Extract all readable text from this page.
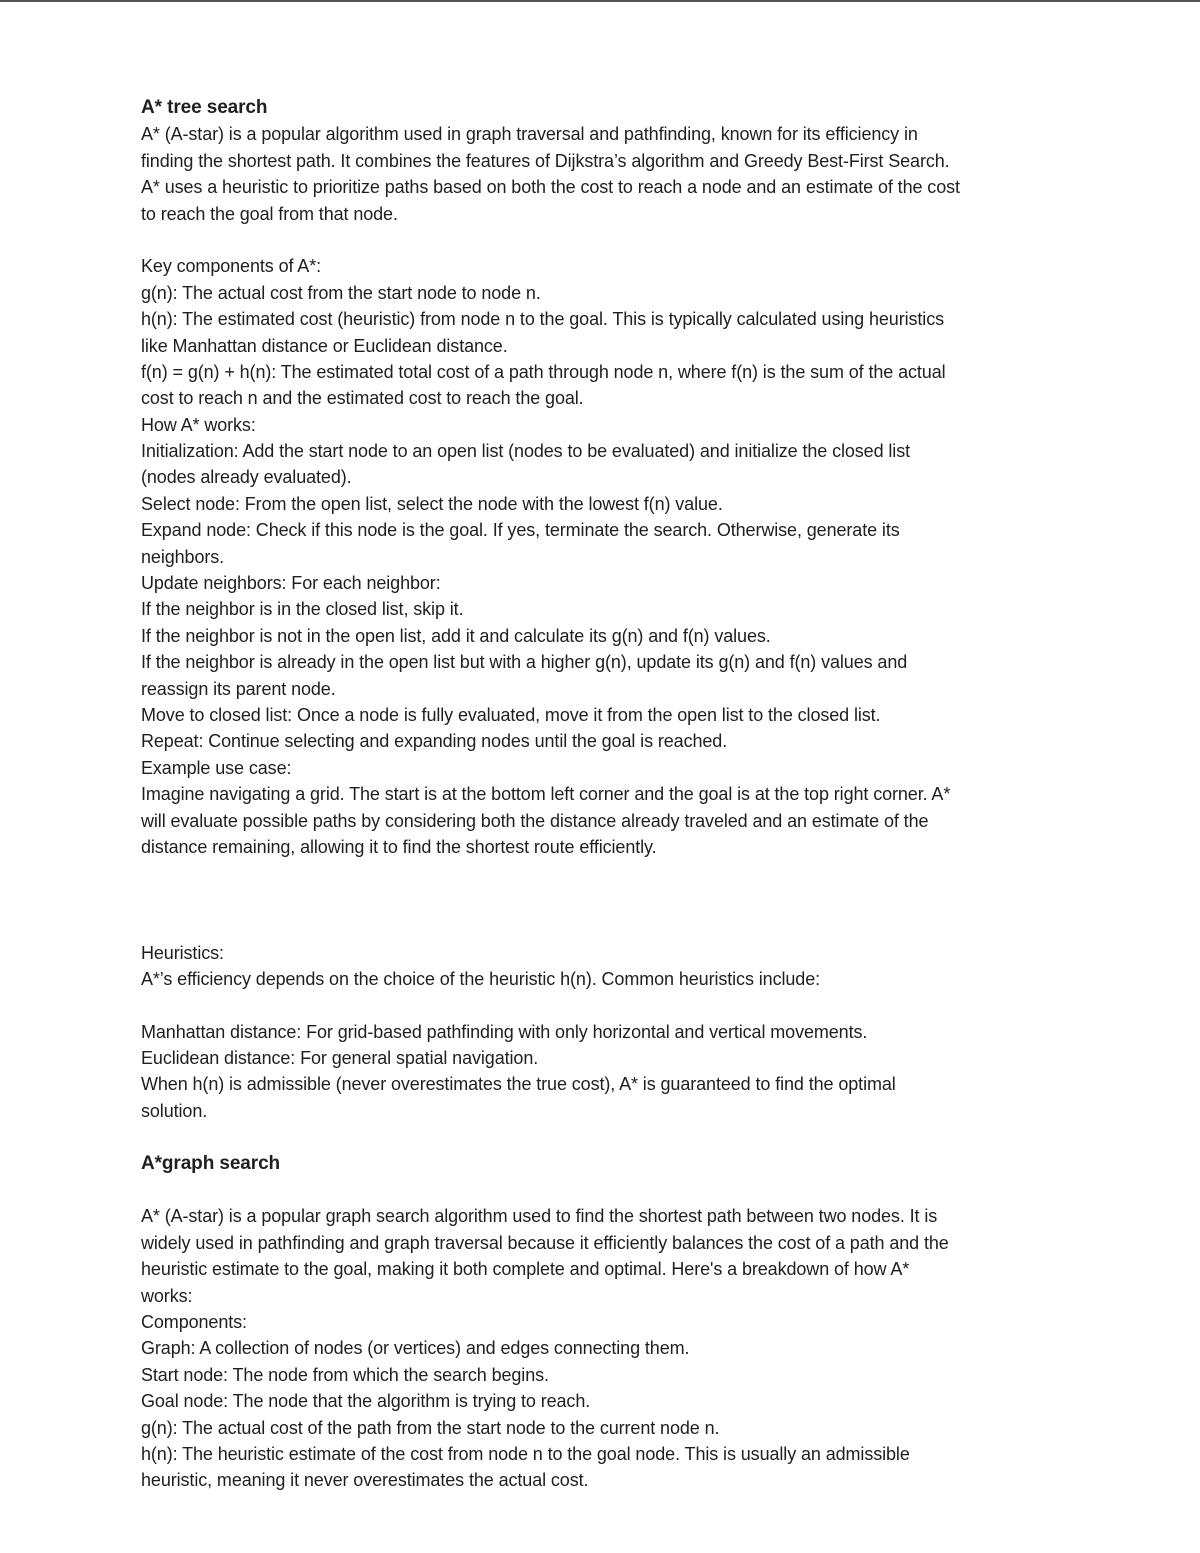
A* tree search
A* (A-star) is a popular algorithm used in graph traversal and pathfinding, known for its efficiency in
finding the shortest path. It combines the features of Dijkstra’s algorithm and Greedy Best-First Search.
A* uses a heuristic to prioritize paths based on both the cost to reach a node and an estimate of the cost
to reach the goal from that node.
Key components of A*:
g(n): The actual cost from the start node to node n.
h(n): The estimated cost (heuristic) from node n to the goal. This is typically calculated using heuristics
like Manhattan distance or Euclidean distance.
f(n) = g(n) + h(n): The estimated total cost of a path through node n, where f(n) is the sum of the actual
cost to reach n and the estimated cost to reach the goal.
How A* works:
Initialization: Add the start node to an open list (nodes to be evaluated) and initialize the closed list
(nodes already evaluated).
Select node: From the open list, select the node with the lowest f(n) value.
Expand node: Check if this node is the goal. If yes, terminate the search. Otherwise, generate its
neighbors.
Update neighbors: For each neighbor:
If the neighbor is in the closed list, skip it.
If the neighbor is not in the open list, add it and calculate its g(n) and f(n) values.
If the neighbor is already in the open list but with a higher g(n), update its g(n) and f(n) values and
reassign its parent node.
Move to closed list: Once a node is fully evaluated, move it from the open list to the closed list.
Repeat: Continue selecting and expanding nodes until the goal is reached.
Example use case:
Imagine navigating a grid. The start is at the bottom left corner and the goal is at the top right corner. A*
will evaluate possible paths by considering both the distance already traveled and an estimate of the
distance remaining, allowing it to find the shortest route efficiently.
Heuristics:
A*’s efficiency depends on the choice of the heuristic h(n). Common heuristics include:
Manhattan distance: For grid-based pathfinding with only horizontal and vertical movements.
Euclidean distance: For general spatial navigation.
When h(n) is admissible (never overestimates the true cost), A* is guaranteed to find the optimal
solution.
A*graph search
A* (A-star) is a popular graph search algorithm used to find the shortest path between two nodes. It is
widely used in pathfinding and graph traversal because it efficiently balances the cost of a path and the
heuristic estimate to the goal, making it both complete and optimal. Here's a breakdown of how A*
works:
Components:
Graph: A collection of nodes (or vertices) and edges connecting them.
Start node: The node from which the search begins.
Goal node: The node that the algorithm is trying to reach.
g(n): The actual cost of the path from the start node to the current node n.
h(n): The heuristic estimate of the cost from node n to the goal node. This is usually an admissible
heuristic, meaning it never overestimates the actual cost.
